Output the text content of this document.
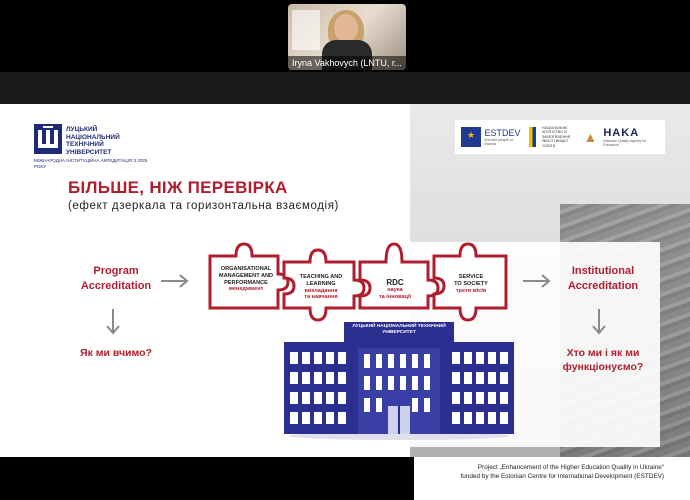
Iryna Vakhovych (LNTU, r...
ЛУЦЬКИЙ НАЦІОНАЛЬНИЙ ТЕХНІЧНИЙ УНІВЕРСИТЕТ
МІЖНАРОДНА ІНСТИТУЦІЙНА АКРЕДИТАЦІЯ З 2025 РОКУ
★
ESTDEV
from the people of Estonia
НАЦІОНАЛЬНЕ АГЕНТСТВО ІЗ ЗАБЕЗПЕЧЕННЯ ЯКОСТІ ВИЩОЇ ОСВІТИ
▲ HAKA
Estonian Quality Agency for Education
БІЛЬШЕ, НІЖ ПЕРЕВІРКА
(ефект дзеркала та горизонтальна взаємодія)
Program
Accreditation
Як ми вчимо?
Institutional
Accreditation
Хто ми і як ми
функціонуємо?
ORGANISATIONAL
MANAGEMENT AND
PERFORMANCE
менеджмент
TEACHING AND
LEARNING
викладання
та навчання
RDC
наука
та інновації
SERVICE
TO SOCIETY
третя місія
ЛУЦЬКИЙ НАЦІОНАЛЬНИЙ ТЕХНІЧНИЙ УНІВЕРСИТЕТ
Project „Enhancement of the Higher Education Quality in Ukraine“
funded by the Estonian Centre for International Development (ESTDEV)
